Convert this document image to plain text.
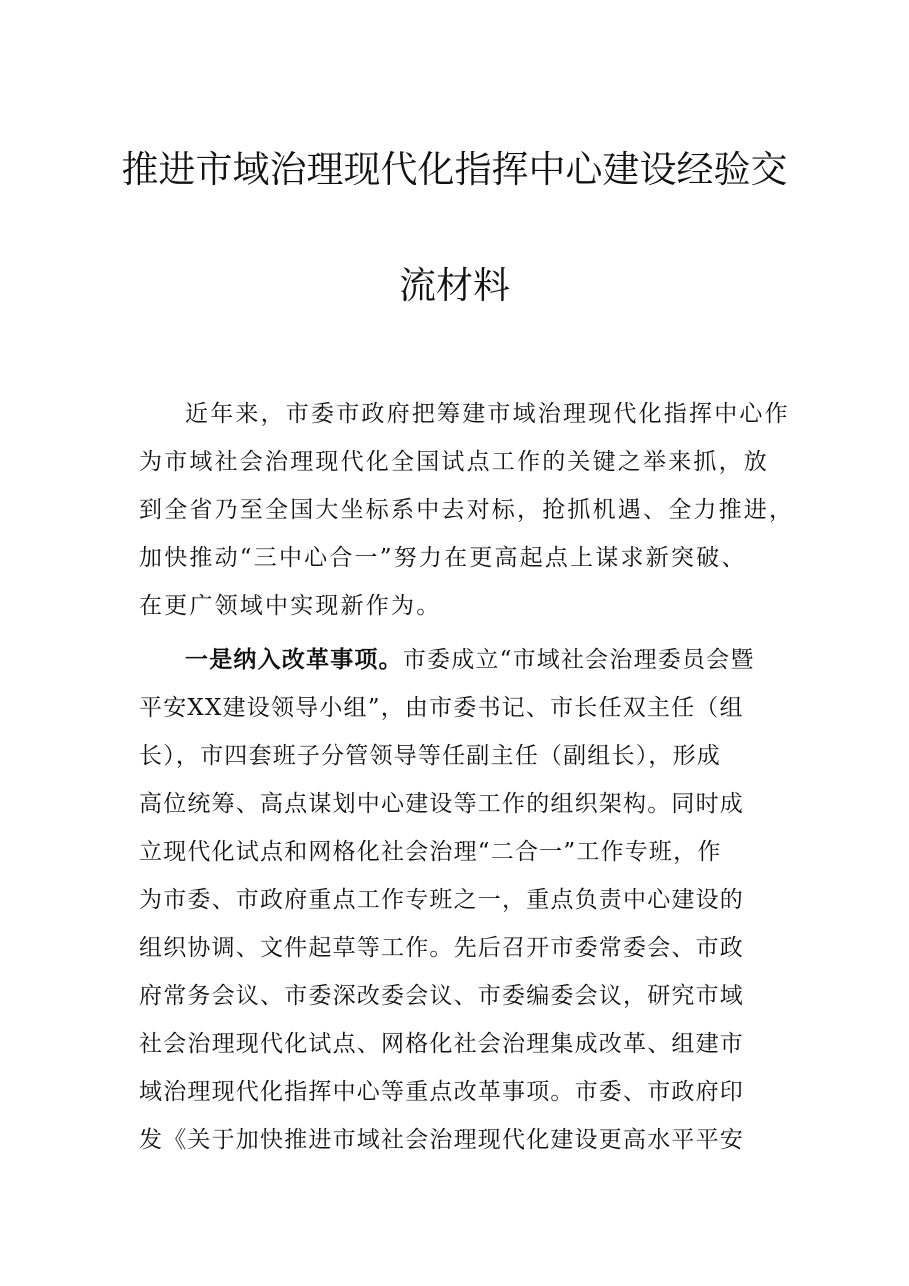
推进市域治理现代化指挥中心建设经验交
流材料
近年来，市委市政府把筹建市域治理现代化指挥中心作
为市域社会治理现代化全国试点工作的关键之举来抓，放
到全省乃至全国大坐标系中去对标，抢抓机遇、全力推进，
加快推动“三中心合一”努力在更高起点上谋求新突破、
在更广领域中实现新作为。
一是纳入改革事项。市委成立“市域社会治理委员会暨
平安XX建设领导小组”，由市委书记、市长任双主任（组
长），市四套班子分管领导等任副主任（副组长），形成
高位统筹、高点谋划中心建设等工作的组织架构。同时成
立现代化试点和网格化社会治理“二合一”工作专班，作
为市委、市政府重点工作专班之一，重点负责中心建设的
组织协调、文件起草等工作。先后召开市委常委会、市政
府常务会议、市委深改委会议、市委编委会议，研究市域
社会治理现代化试点、网格化社会治理集成改革、组建市
域治理现代化指挥中心等重点改革事项。市委、市政府印
发《关于加快推进市域社会治理现代化建设更高水平平安
